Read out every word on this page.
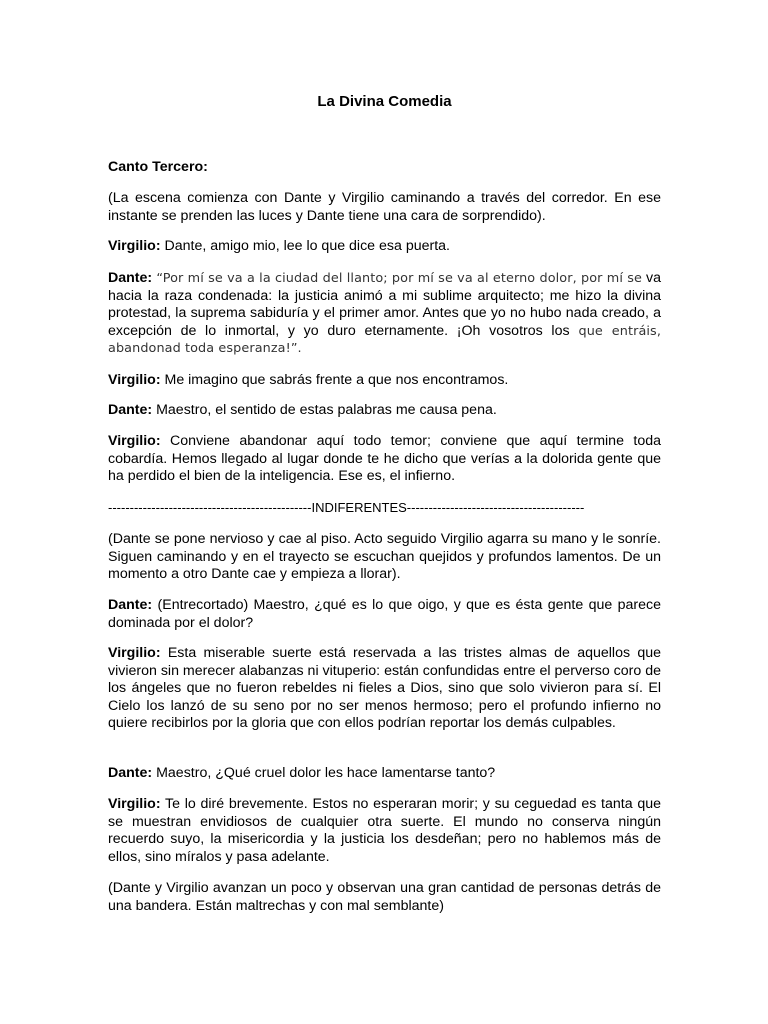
La Divina Comedia
Canto Tercero:
(La escena comienza con Dante y Virgilio caminando a través del corredor. En ese instante se prenden las luces y Dante tiene una cara de sorprendido).
Virgilio: Dante, amigo mio, lee lo que dice esa puerta.
Dante: “Por mí se va a la ciudad del llanto; por mí se va al eterno dolor, por mí se va hacia la raza condenada: la justicia animó a mi sublime arquitecto; me hizo la divina protestad, la suprema sabiduría y el primer amor. Antes que yo no hubo nada creado, a excepción de lo inmortal, y yo duro eternamente. ¡Oh vosotros los que entráis, abandonad toda esperanza!”.
Virgilio: Me imagino que sabrás frente a que nos encontramos.
Dante: Maestro, el sentido de estas palabras me causa pena.
Virgilio: Conviene abandonar aquí todo temor; conviene que aquí termine toda cobardía. Hemos llegado al lugar donde te he dicho que verías a la dolorida gente que ha perdido el bien de la inteligencia. Ese es, el infierno.
-----------------------------------------------INDIFERENTES-----------------------------------------
(Dante se pone nervioso y cae al piso. Acto seguido Virgilio agarra su mano y le sonríe. Siguen caminando y en el trayecto se escuchan quejidos y profundos lamentos. De un momento a otro Dante cae y empieza a llorar).
Dante: (Entrecortado) Maestro, ¿qué es lo que oigo, y que es ésta gente que parece dominada por el dolor?
Virgilio: Esta miserable suerte está reservada a las tristes almas de aquellos que vivieron sin merecer alabanzas ni vituperio: están confundidas entre el perverso coro de los ángeles que no fueron rebeldes ni fieles a Dios, sino que solo vivieron para sí. El Cielo los lanzó de su seno por no ser menos hermoso; pero el profundo infierno no quiere recibirlos por la gloria que con ellos podrían reportar los demás culpables.
Dante: Maestro, ¿Qué cruel dolor les hace lamentarse tanto?
Virgilio: Te lo diré brevemente. Estos no esperaran morir; y su ceguedad es tanta que se muestran envidiosos de cualquier otra suerte. El mundo no conserva ningún recuerdo suyo, la misericordia y la justicia los desdeñan; pero no hablemos más de ellos, sino míralos y pasa adelante.
(Dante y Virgilio avanzan un poco y observan una gran cantidad de personas detrás de una bandera. Están maltrechas y con mal semblante)
